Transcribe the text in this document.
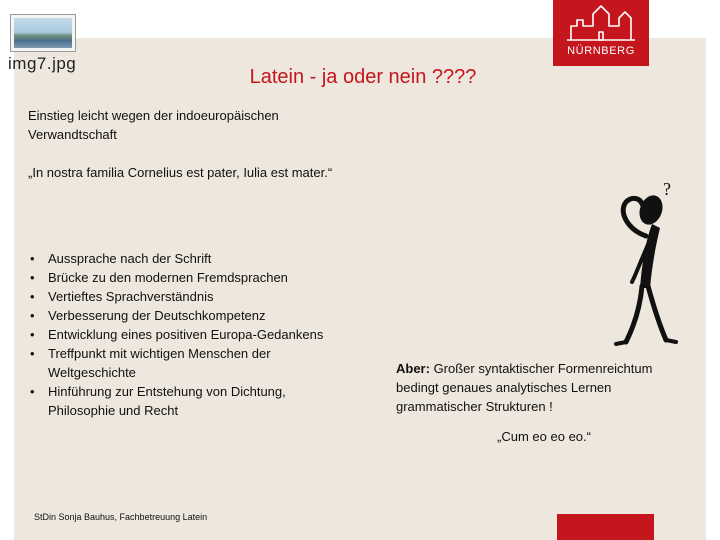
img7.jpg
NÜRNBERG
Latein - ja oder nein ????
Einstieg leicht wegen der indoeuropäischen Verwandtschaft
„In nostra familia Cornelius est pater, Iulia est mater.“
• Aussprache nach der Schrift
• Brücke zu den modernen Fremdsprachen
• Vertieftes Sprachverständnis
• Verbesserung der Deutschkompetenz
• Entwicklung eines positiven Europa-Gedankens
• Treffpunkt mit wichtigen Menschen der Weltgeschichte
• Hinführung zur Entstehung von Dichtung, Philosophie und Recht
?
Aber: Großer syntaktischer Formenreichtum bedingt genaues analytisches Lernen grammatischer Strukturen !
„Cum eo eo eo.“
StDin Sonja Bauhus, Fachbetreuung Latein
